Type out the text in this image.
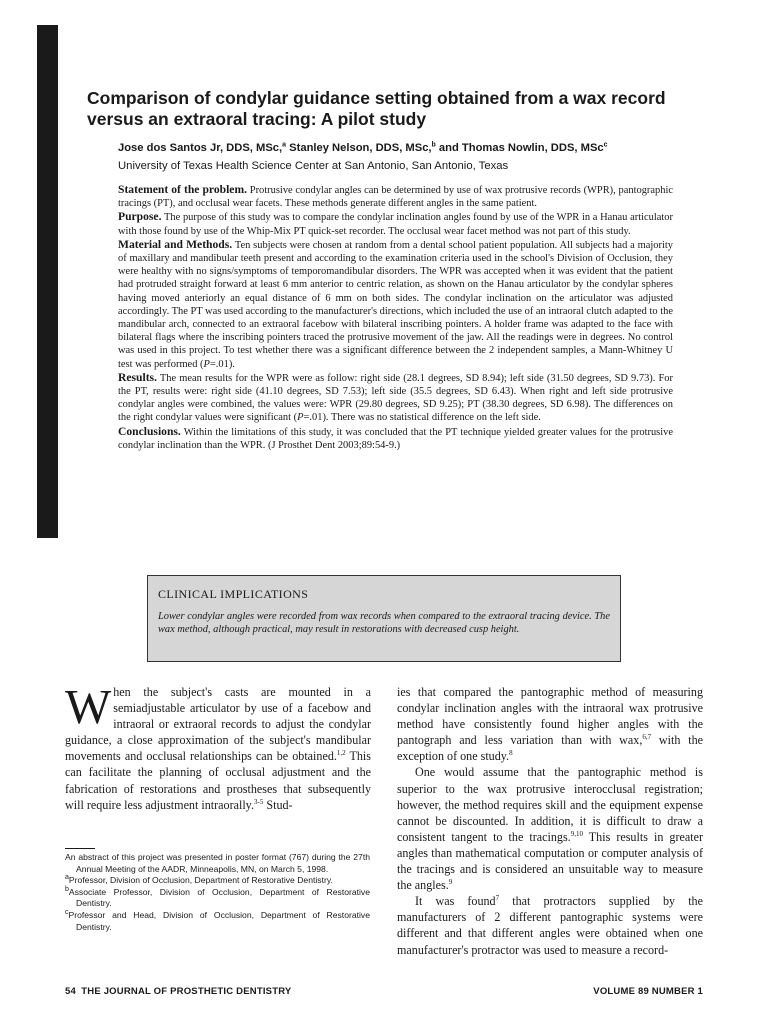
Comparison of condylar guidance setting obtained from a wax record
versus an extraoral tracing: A pilot study
Jose dos Santos Jr, DDS, MSc,$^a$ Stanley Nelson, DDS, MSc,$^b$ and Thomas Nowlin, DDS, MSc$^c$
University of Texas Health Science Center at San Antonio, San Antonio, Texas

Statement of the problem. Protrusive condylar angles can be determined by use of wax protrusive records (WPR), pantographic tracings (PT), and occlusal wear facets. These methods generate different angles in the same patient.

Purpose. The purpose of this study was to compare the condylar inclination angles found by use of the WPR in a Hanau articulator with those found by use of the Whip-Mix PT quick-set recorder. The occlusal wear facet method was not part of this study.

Material and Methods. Ten subjects were chosen at random from a dental school patient population. All subjects had a majority of maxillary and mandibular teeth present and according to the examination criteria used in the school's Division of Occlusion, they were healthy with no signs/symptoms of temporomandibular disorders. The WPR was accepted when it was evident that the patient had protruded straight forward at least 6 mm anterior to centric relation, as shown on the Hanau articulator by the condylar spheres having moved anteriorly an equal distance of 6 mm on both sides. The condylar inclination on the articulator was adjusted accordingly. The PT was used according to the manufacturer's directions, which included the use of an intraoral clutch adapted to the mandibular arch, connected to an extraoral facebow with bilateral inscribing pointers. A holder frame was adapted to the face with bilateral flags where the inscribing pointers traced the protrusive movement of the jaw. All the readings were in degrees. No control was used in this project. To test whether there was a significant difference between the 2 independent samples, a Mann-Whitney U test was performed (P=.01).

Results. The mean results for the WPR were as follow: right side (28.1 degrees, SD 8.94); left side (31.50 degrees, SD 9.73). For the PT, results were: right side (41.10 degrees, SD 7.53); left side (35.5 degrees, SD 6.43). When right and left side protrusive condylar angles were combined, the values were: WPR (29.80 degrees, SD 9.25); PT (38.30 degrees, SD 6.98). The differences on the right condylar values were significant (P=.01). There was no statistical difference on the left side.

Conclusions. Within the limitations of this study, it was concluded that the PT technique yielded greater values for the protrusive condylar inclination than the WPR. (J Prosthet Dent 2003;89:54-9.)

CLINICAL IMPLICATIONS
Lower condylar angles were recorded from wax records when compared to the extraoral tracing device. The wax method, although practical, may result in restorations with decreased cusp height.

When the subject's casts are mounted in a semiadjustable articulator by use of a facebow and intraoral or extraoral records to adjust the condylar guidance, a close approximation of the subject's mandibular movements and occlusal relationships can be obtained.$^{1,2}$ This can facilitate the planning of occlusal adjustment and the fabrication of restorations and prostheses that subsequently will require less adjustment intraorally.$^{3-5}$ Stud-

An abstract of this project was presented in poster format (767) during the 27th Annual Meeting of the AADR, Minneapolis, MN, on March 5, 1998.

$^a$Professor, Division of Occlusion, Department of Restorative Dentistry.

$^b$Associate Professor, Division of Occlusion, Department of Restorative Dentistry.

$^c$Professor and Head, Division of Occlusion, Department of Restorative Dentistry.

ies that compared the pantographic method of measuring condylar inclination angles with the intraoral wax protrusive method have consistently found higher angles with the pantograph and less variation than with wax,$^{6,7}$ with the exception of one study.$^8$

One would assume that the pantographic method is superior to the wax protrusive interocclusal registration; however, the method requires skill and the equipment expense cannot be discounted. In addition, it is difficult to draw a consistent tangent to the tracings.$^{9,10}$ This results in greater angles than mathematical computation or computer analysis of the tracings and is considered an unsuitable way to measure the angles.$^9$

It was found$^7$ that protractors supplied by the manufacturers of 2 different pantographic systems were different and that different angles were obtained when one manufacturer's protractor was used to measure a record-

54 THE JOURNAL OF PROSTHETIC DENTISTRY	VOLUME 89 NUMBER 1
